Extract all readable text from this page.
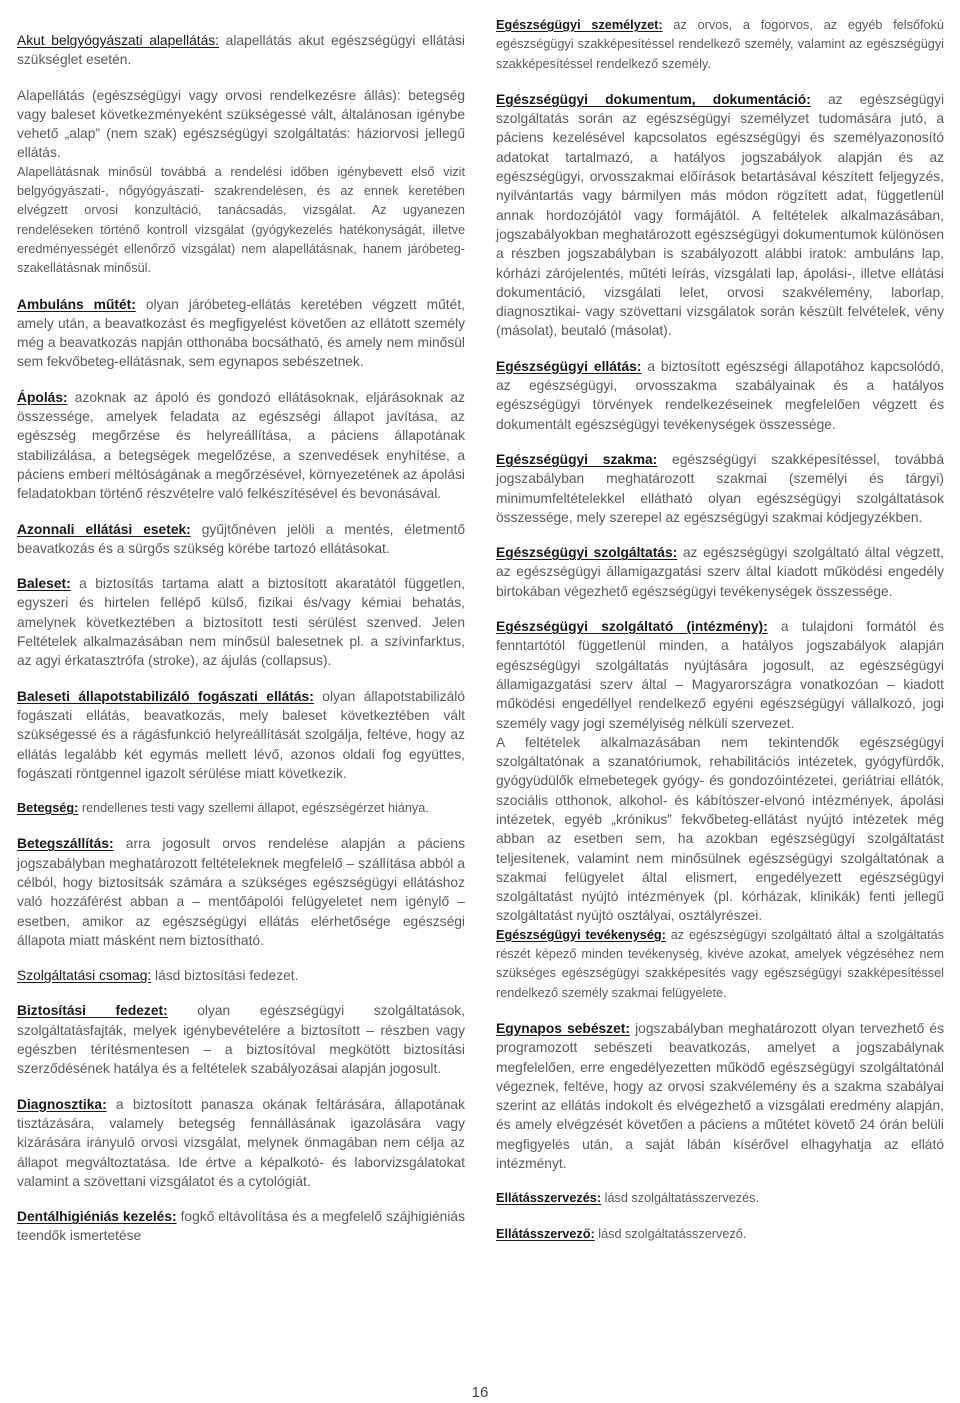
Akut belgyógyászati alapellátás: alapellátás akut egészségügyi ellátási szükséglet esetén.

Alapellátás (egészségügyi vagy orvosi rendelkezésre állás): betegség vagy baleset következményeként szükségessé vált, általánosan igénybe vehető „alap” (nem szak) egészségügyi szolgáltatás: háziorvosi jellegű ellátás.

Alapellátásnak minősül továbbá a rendelési időben igénybevett első vizit belgyógyászati-, nőgyógyászati- szakrendelésen, és az ennek keretében elvégzett orvosi konzultáció, tanácsadás, vizsgálat. Az ugyanezen rendeléseken történő kontroll vizsgálat (gyógykezelés hatékonyságát, illetve eredményességét ellenőrző vizsgálat) nem alapellátásnak, hanem járóbeteg-szakellátásnak minősül.

Ambuláns műtét: olyan járóbeteg-ellátás keretében végzett műtét, amely után, a beavatkozást és megfigyelést követően az ellátott személy még a beavatkozás napján otthonába bocsátható, és amely nem minősül sem fekvőbeteg-ellátásnak, sem egynapos sebészetnek.

Ápolás: azoknak az ápoló és gondozó ellátásoknak, eljárásoknak az összessége, amelyek feladata az egészségi állapot javítása, az egészség megőrzése és helyreállítása, a páciens állapotának stabilizálása, a betegségek megelőzése, a szenvedések enyhítése, a páciens emberi méltóságának a megőrzésével, környezetének az ápolási feladatokban történő részvételre való felkészítésével és bevonásával.

Azonnali ellátási esetek: gyűjtőnéven jelöli a mentés, életmentő beavatkozás és a sürgős szükség körébe tartozó ellátásokat.

Baleset: a biztosítás tartama alatt a biztosított akaratától független, egyszeri és hirtelen fellépő külső, fizikai és/vagy kémiai behatás, amelynek következtében a biztosított testi sérülést szenved. Jelen Feltételek alkalmazásában nem minősül balesetnek pl. a szívinfarktus, az agyi érkatasztrófa (stroke), az ájulás (collapsus).

Baleseti állapotstabilizáló fogászati ellátás: olyan állapotstabilizáló fogászati ellátás, beavatkozás, mely baleset következtében vált szükségessé és a rágásfunkció helyreállítását szolgálja, feltéve, hogy az ellátás legalább két egymás mellett lévő, azonos oldali fog együttes, fogászati röntgennel igazolt sérülése miatt következik.

Betegség: rendellenes testi vagy szellemi állapot, egészségérzet hiánya.

Betegszállítás: arra jogosult orvos rendelése alapján a páciens jogszabályban meghatározott feltételeknek megfelelő – szállítása abból a célból, hogy biztosítsák számára a szükséges egészségügyi ellátáshoz való hozzáférést abban a – mentőápolói felügyeletet nem igénylő – esetben, amikor az egészségügyi ellátás elérhetősége egészségi állapota miatt másként nem biztosítható.

Szolgáltatási csomag: lásd biztosítási fedezet.

Biztosítási fedezet: olyan egészségügyi szolgáltatások, szolgáltatásfajták, melyek igénybevételére a biztosított – részben vagy egészben térítésmentesen – a biztosítóval megkötött biztosítási szerződésének hatálya és a feltételek szabályozásai alapján jogosult.

Diagnosztika: a biztosított panasza okának feltárására, állapotának tisztázására, valamely betegség fennállásának igazolására vagy kizárására irányuló orvosi vizsgálat, melynek önmagában nem célja az állapot megváltoztatása. Ide értve a képalkotó- és laborvizsgálatokat valamint a szövettani vizsgálatot és a cytológiát.

Dentálhigiéniás kezelés: fogkő eltávolítása és a megfelelő szájhigiéniás teendők ismertetése

Egészségügyi személyzet: az orvos, a fogorvos, az egyéb felsőfokú egészségügyi szakképesítéssel rendelkező személy, valamint az egészségügyi szakképesítéssel rendelkező személy.

Egészségügyi dokumentum, dokumentáció: az egészségügyi szolgáltatás során az egészségügyi személyzet tudomására jutó, a páciens kezelésével kapcsolatos egészségügyi és személyazonosító adatokat tartalmazó, a hatályos jogszabályok alapján és az egészségügyi, orvosszakmai előírások betartásával készített feljegyzés, nyilvántartás vagy bármilyen más módon rögzített adat, függetlenül annak hordozójától vagy formájától. A feltételek alkalmazásában, jogszabályokban meghatározott egészségügyi dokumentumok különösen a részben jogszabályban is szabályozott alábbi iratok: ambuláns lap, kórházi zárójelentés, műtéti leírás, vizsgálati lap, ápolási-, illetve ellátási dokumentáció, vizsgálati lelet, orvosi szakvélemény, laborlap, diagnosztikai- vagy szövettani vizsgálatok során készült felvételek, vény (másolat), beutaló (másolat).

Egészségügyi ellátás: a biztosított egészségi állapotához kapcsolódó, az egészségügyi, orvosszakma szabályainak és a hatályos egészségügyi törvények rendelkezéseinek megfelelően végzett és dokumentált egészségügyi tevékenységek összessége.

Egészségügyi szakma: egészségügyi szakképesítéssel, továbbá jogszabályban meghatározott szakmai (személyi és tárgyi) minimumfeltételekkel ellátható olyan egészségügyi szolgáltatások összessége, mely szerepel az egészségügyi szakmai kódjegyzékben.

Egészségügyi szolgáltatás: az egészségügyi szolgáltató által végzett, az egészségügyi államigazgatási szerv által kiadott működési engedély birtokában végezhető egészségügyi tevékenységek összessége.

Egészségügyi szolgáltató (intézmény): a tulajdoni formától és fenntartótól függetlenül minden, a hatályos jogszabályok alapján egészségügyi szolgáltatás nyújtására jogosult, az egészségügyi államigazgatási szerv által – Magyarországra vonatkozóan – kiadott működési engedéllyel rendelkező egyéni egészségügyi vállalkozó, jogi személy vagy jogi személyiség nélküli szervezet.

A feltételek alkalmazásában nem tekintendők egészségügyi szolgáltatónak a szanatóriumok, rehabilitációs intézetek, gyógyfürdők, gyógyüdülők elmebetegek gyógy- és gondozóintézetei, geriátriai ellátók, szociális otthonok, alkohol- és kábítószer-elvonó intézmények, ápolási intézetek, egyéb „krónikus” fekvőbeteg-ellátást nyújtó intézetek még abban az esetben sem, ha azokban egészségügyi szolgáltatást teljesítenek, valamint nem minősülnek egészségügyi szolgáltatónak a szakmai felügyelet által elismert, engedélyezett egészségügyi szolgáltatást nyújtó intézmények (pl. kórházak, klinikák) fenti jellegű szolgáltatást nyújtó osztályai, osztályrészei.

Egészségügyi tevékenység: az egészségügyi szolgáltató által a szolgáltatás részét képező minden tevékenység, kivéve azokat, amelyek végzéséhez nem szükséges egészségügyi szakképesítés vagy egészségügyi szakképesítéssel rendelkező személy szakmai felügyelete.

Egynapos sebészet: jogszabályban meghatározott olyan tervezhető és programozott sebészeti beavatkozás, amelyet a jogszabálynak megfelelően, erre engedélyezetten működő egészségügyi szolgáltatónál végeznek, feltéve, hogy az orvosi szakvélemény és a szakma szabályai szerint az ellátás indokolt és elvégezhető a vizsgálati eredmény alapján, és amely elvégzését követően a páciens a műtétet követő 24 órán belüli megfigyelés után, a saját lábán kísérővel elhagyhatja az ellátó intézményt.

Ellátásszervezés: lásd szolgáltatásszervezés.

Ellátásszervező: lásd szolgáltatásszervező.

16
